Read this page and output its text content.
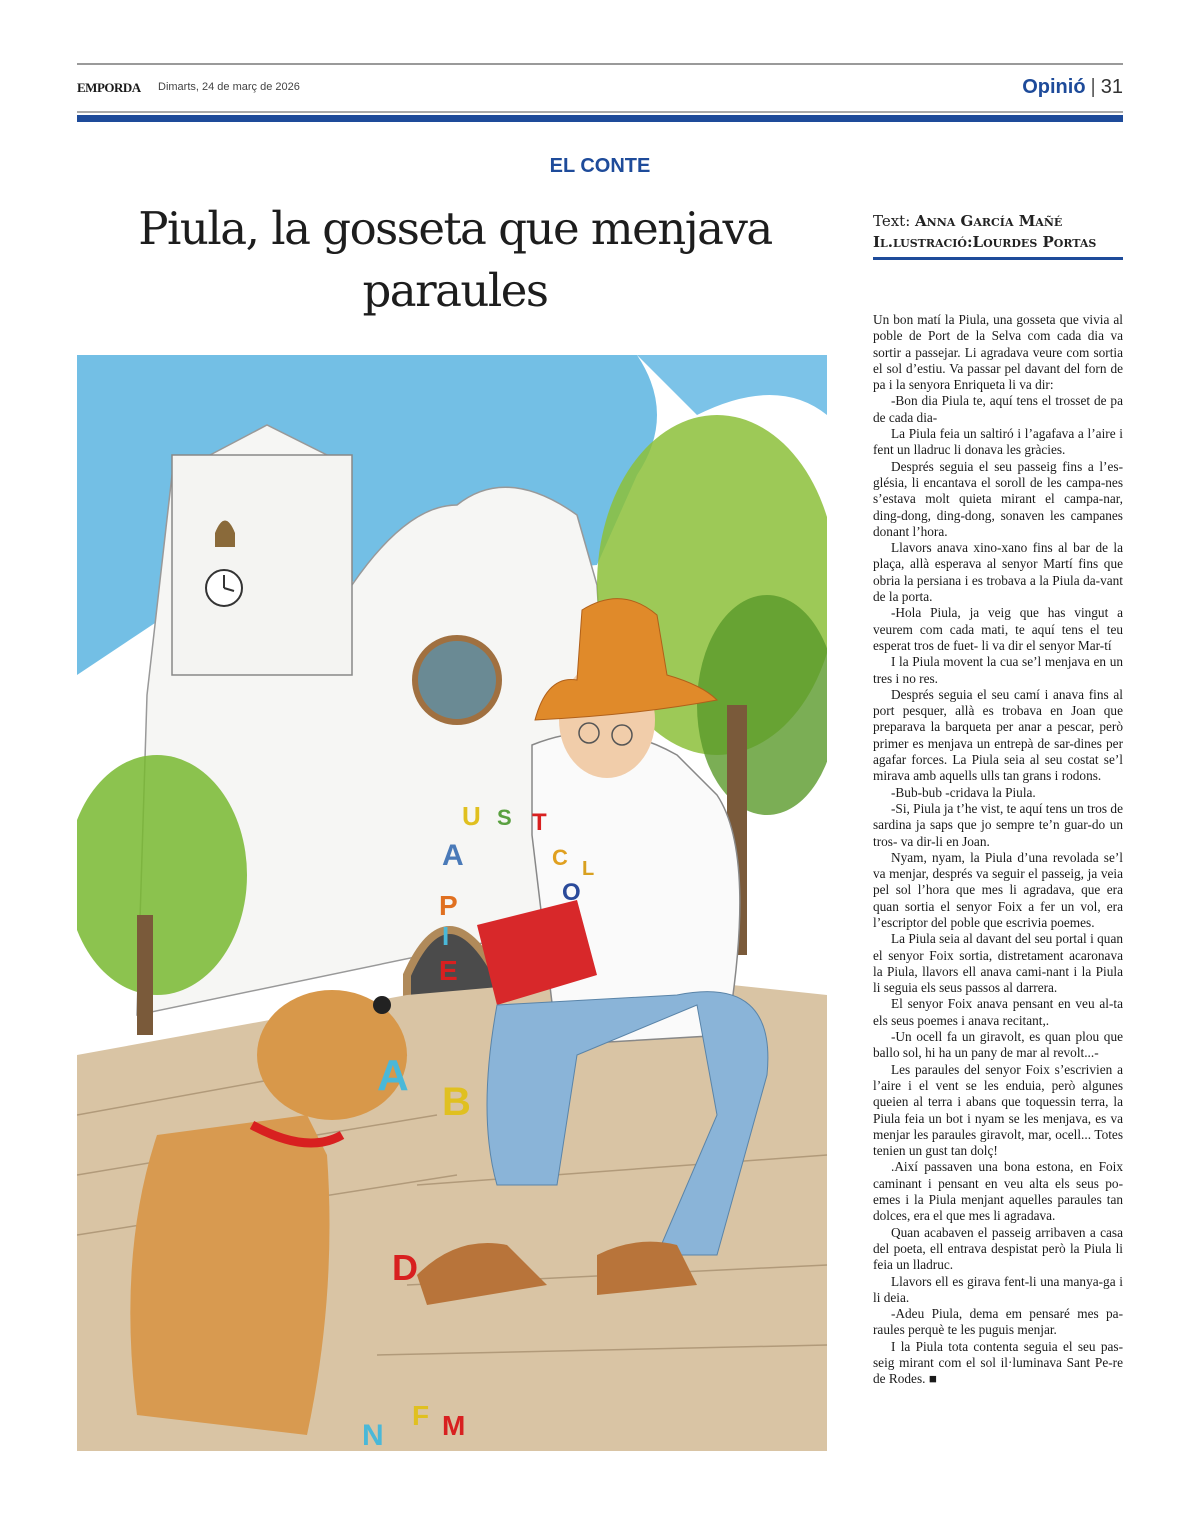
EMPORDA Dimarts, 24 de març de 2026	Opinió | 31
EL CONTE
Piula, la gosseta que menjava paraules
Text: Anna García Mañé
Il.lustració:Lourdes Portas

Un bon matí la Piula, una gosseta que vivia al poble de Port de la Selva com cada dia va sortir a passejar. Li agradava veure com sortia el sol d’estiu. Va passar pel davant del forn de pa i la senyora Enriqueta li va dir:

-Bon dia Piula te, aquí tens el trosset de pa de cada dia-

La Piula feia un saltiró i l’agafava a l’aire i fent un lladruc li donava les gràcies.

Després seguia el seu passeig fins a l’es-glésia, li encantava el soroll de les campa-nes s’estava molt quieta mirant el campa-nar, ding-dong, ding-dong, sonaven les campanes donant l’hora.

Llavors anava xino-xano fins al bar de la plaça, allà esperava al senyor Martí fins que obria la persiana i es trobava a la Piula da-vant de la porta.

-Hola Piula, ja veig que has vingut a veurem com cada mati, te aquí tens el teu esperat tros de fuet- li va dir el senyor Mar-tí

I la Piula movent la cua se’l menjava en un tres i no res.

Després seguia el seu camí i anava fins al port pesquer, allà es trobava en Joan que preparava la barqueta per anar a pescar, però primer es menjava un entrepà de sar-dines per agafar forces. La Piula seia al seu costat se’l mirava amb aquells ulls tan grans i rodons.

-Bub-bub -cridava la Piula.

-Si, Piula ja t’he vist, te aquí tens un tros de sardina ja saps que jo sempre te’n guar-do un tros- va dir-li en Joan.

Nyam, nyam, la Piula d’una revolada se’l va menjar, després va seguir el passeig, ja veia pel sol l’hora que mes li agradava, que era quan sortia el senyor Foix a fer un vol, era l’escriptor del poble que escrivia poemes.

La Piula seia al davant del seu portal i quan el senyor Foix sortia, distretament acaronava la Piula, llavors ell anava cami-nant i la Piula li seguia els seus passos al darrera.

El senyor Foix anava pensant en veu al-ta els seus poemes i anava recitant,.

-Un ocell fa un giravolt, es quan plou que ballo sol, hi ha un pany de mar al revolt...-

Les paraules del senyor Foix s’escrivien a l’aire i el vent se les enduia, però algunes queien al terra i abans que toquessin terra, la Piula feia un bot i nyam se les menjava, es va menjar les paraules giravolt, mar, ocell... Totes tenien un gust tan dolç!

.Així passaven una bona estona, en Foix caminant i pensant en veu alta els seus po-emes i la Piula menjant aquelles paraules tan dolces, era el que mes li agradava.

Quan acabaven el passeig arribaven a casa del poeta, ell entrava despistat però la Piula li feia un lladruc.

Llavors ell es girava fent-li una manya-ga i li deia.

-Adeu Piula, dema em pensaré mes pa-raules perquè te les puguis menjar.

I la Piula tota contenta seguia el seu pas-seig mirant com el sol il·luminava Sant Pe-re de Rodes. ■

U S T
C L
O
A
P
I
E
A
B
D
N
F M
